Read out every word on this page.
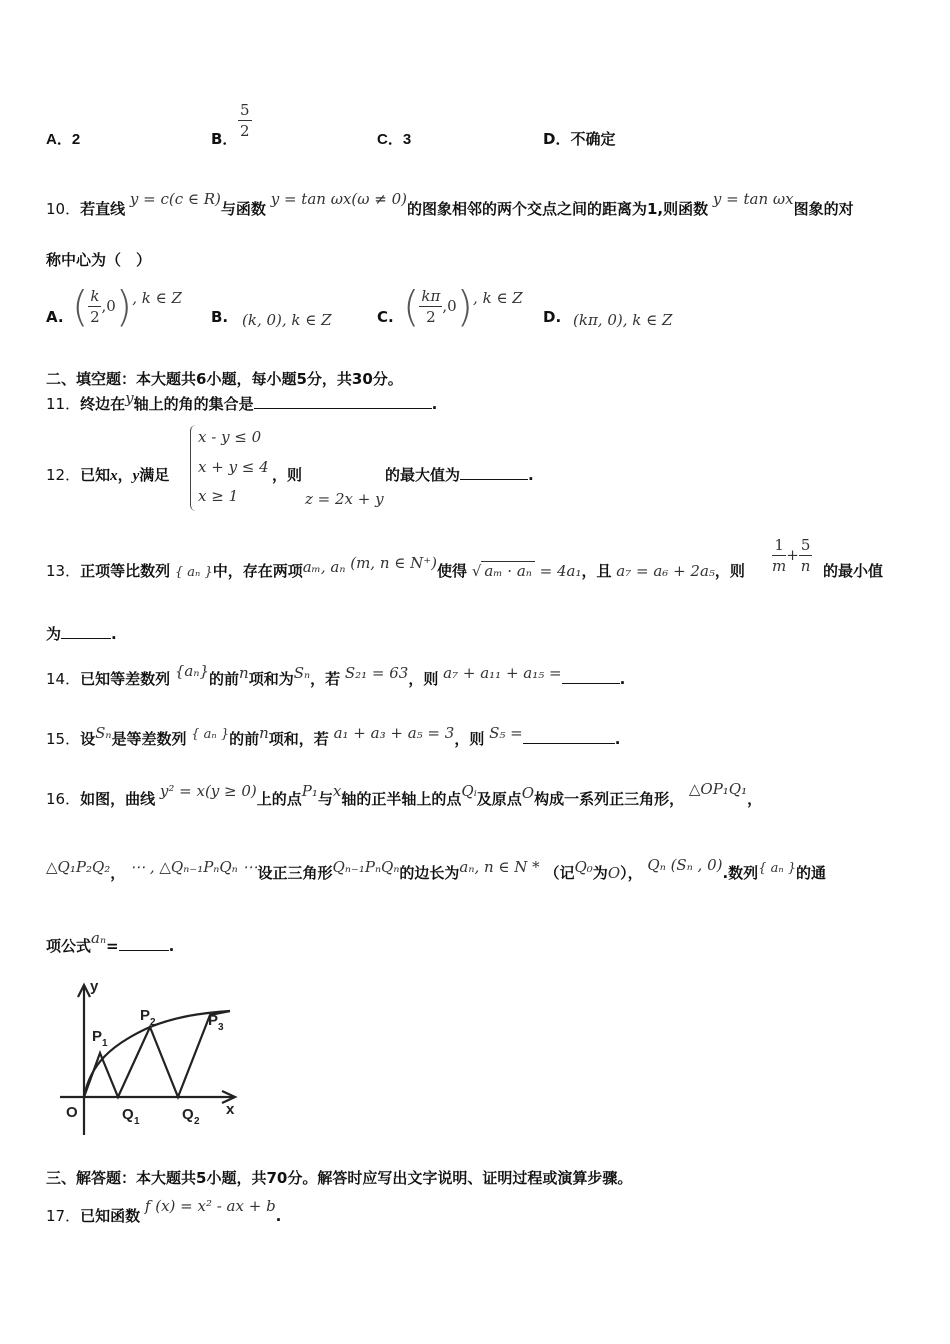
A．2	B． $\frac{5}{2}$	C．3	D．不确定
10．若直线 y = c(c ∈ R)与函数 y = tan ωx(ω ≠ 0)的图象相邻的两个交点之间的距离为1,则函数 y = tan ωx图象的对
称中心为（　）
A. ( $\frac{k}{2} ,0$), k ∈ Z
B. (k, 0), k ∈ Z	C. ( $\frac{k\pi}{2} ,0$), k ∈ Z
D. (kπ, 0), k ∈ Z
二、填空题：本大题共6小题，每小题5分，共30分。
11．终边在y轴上的角的集合是	.
12．已知x，y满足
x - y ≤ 0
x + y ≤ 4
x ≥ 1
，则
z = 2x + y
的最大值为	.
13．正项等比数列 { aₙ }中，存在两项aₘ, aₙ (m, n ∈ N⁺)使得 √ aₘ · aₙ = 4a₁，且 a₇ = a₆ + 2a₅，则 $\frac{1}{m} + \frac{5}{n}$ 的最小值
为	.
14．已知等差数列 {aₙ}的前n项和为Sₙ，若 S₂₁ = 63，则 a₇ + a₁₁ + a₁₅ =	.
15．设Sₙ是等差数列 { aₙ }的前n项和，若 a₁ + a₃ + a₅ = 3，则 S₅ =	.
16．如图，曲线 y² = x(y ≥ 0)上的点P₁与x轴的正半轴上的点Qᵢ及原点O构成一系列正三角形， △OP₁Q₁，
△Q₁P₂Q₂， ⋯ , △Qₙ₋₁PₙQₙ ⋯设正三角形Qₙ₋₁PₙQₙ的边长为aₙ, n ∈ N * （记Q₀为O）， Qₙ (Sₙ , 0).数列{ aₙ }的通
项公式aₙ=	.
y
x
O
P 1
P 2	P 3
Q 1	Q 2
三、解答题：本大题共5小题，共70分。解答时应写出文字说明、证明过程或演算步骤。
17．已知函数 f (x) = x² - ax + b.
